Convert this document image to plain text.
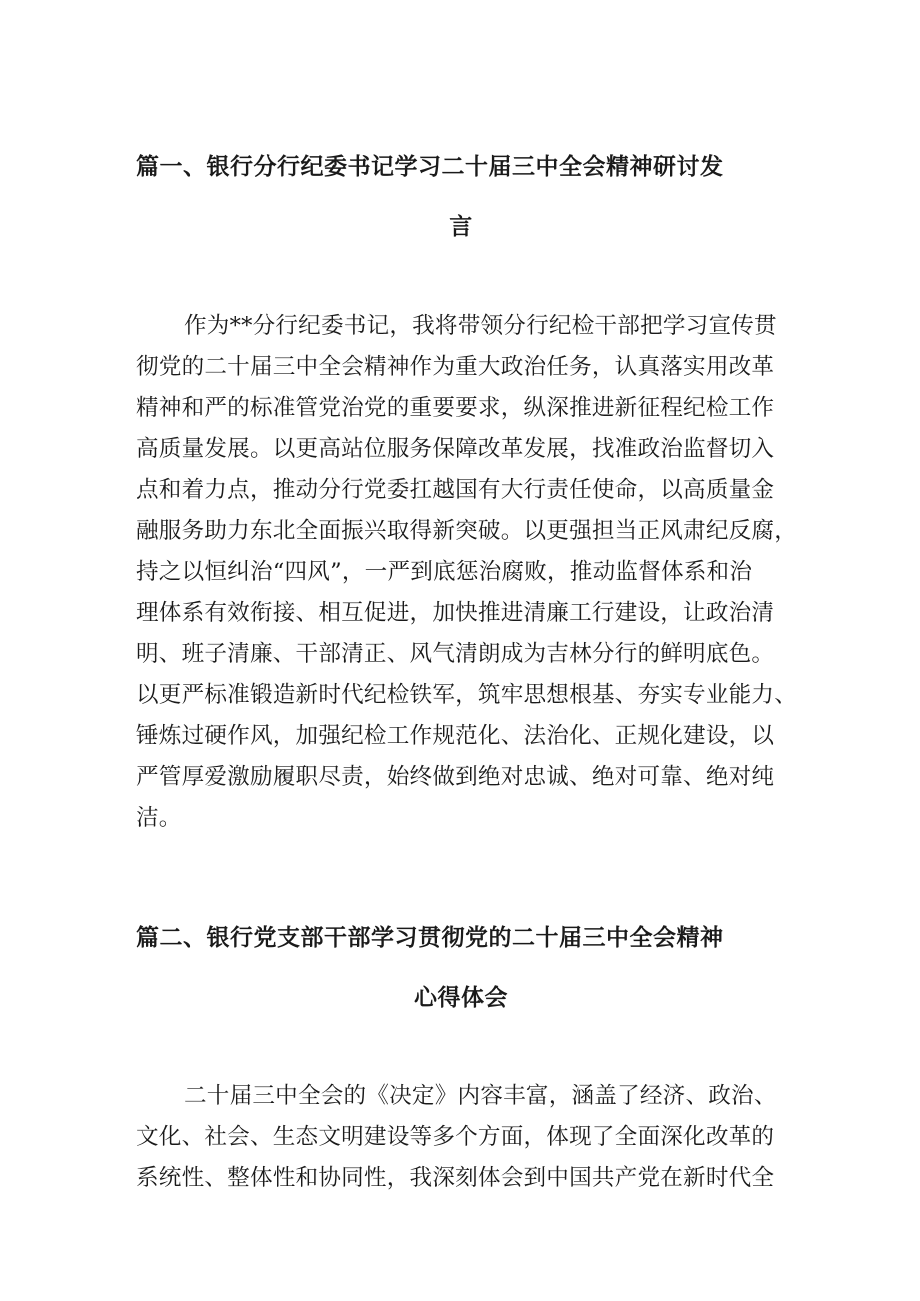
篇一、银行分行纪委书记学习二十届三中全会精神研讨发
言
作为**分行纪委书记，我将带领分行纪检干部把学习宣传贯
彻党的二十届三中全会精神作为重大政治任务，认真落实用改革
精神和严的标准管党治党的重要要求，纵深推进新征程纪检工作
高质量发展。以更高站位服务保障改革发展，找准政治监督切入
点和着力点，推动分行党委扛越国有大行责任使命，以高质量金
融服务助力东北全面振兴取得新突破。以更强担当正风肃纪反腐，
持之以恒纠治“四风”，一严到底惩治腐败，推动监督体系和治
理体系有效衔接、相互促进，加快推进清廉工行建设，让政治清
明、班子清廉、干部清正、风气清朗成为吉林分行的鲜明底色。
以更严标准锻造新时代纪检铁军，筑牢思想根基、夯实专业能力、
锤炼过硬作风，加强纪检工作规范化、法治化、正规化建设，以
严管厚爱激励履职尽责，始终做到绝对忠诚、绝对可靠、绝对纯
洁。
篇二、银行党支部干部学习贯彻党的二十届三中全会精神
心得体会
二十届三中全会的《决定》内容丰富，涵盖了经济、政治、
文化、社会、生态文明建设等多个方面，体现了全面深化改革的
系统性、整体性和协同性，我深刻体会到中国共产党在新时代全
